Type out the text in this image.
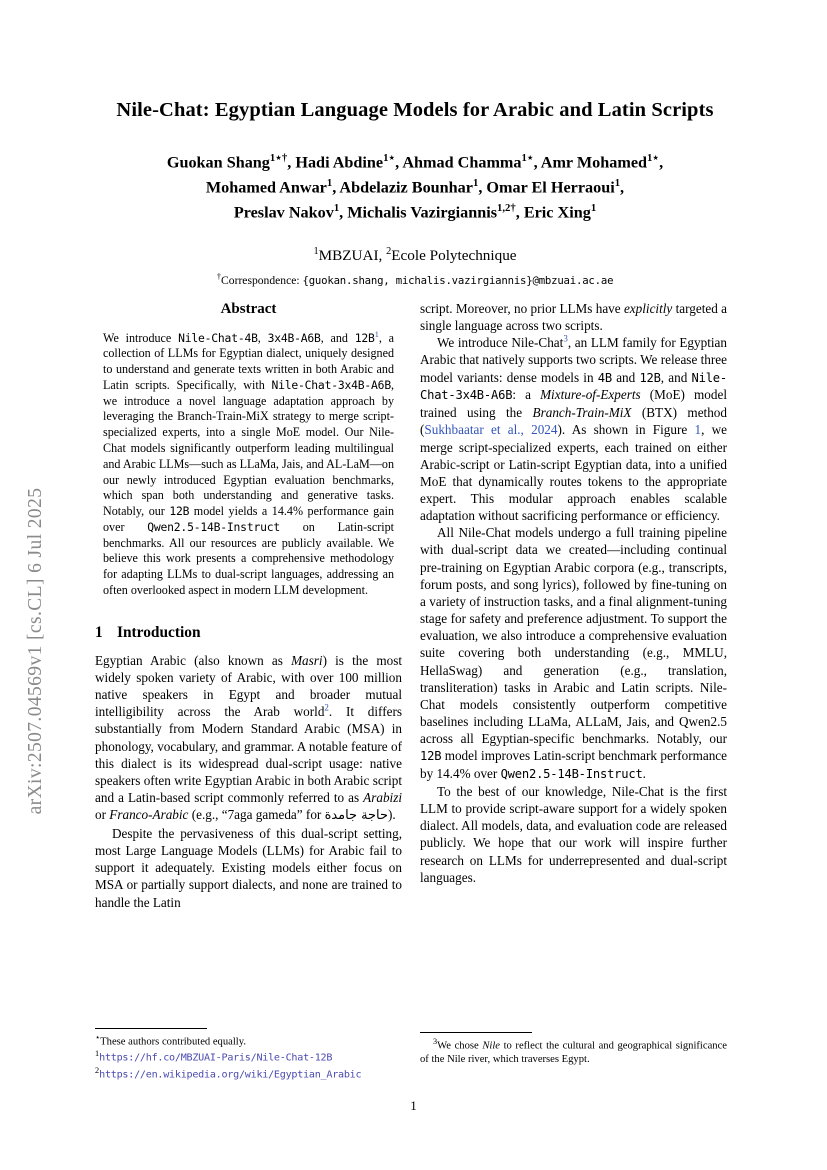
arXiv:2507.04569v1 [cs.CL] 6 Jul 2025
Nile-Chat: Egyptian Language Models for Arabic and Latin Scripts
Guokan Shang$^{1⋆\dagger}$, Hadi Abdine$^{1⋆}$, Ahmad Chamma$^{1⋆}$, Amr Mohamed$^{1⋆}$,
Mohamed Anwar$^1$, Abdelaziz Bounhar$^1$, Omar El Herraoui$^1$,
Preslav Nakov$^1$, Michalis Vazirgiannis$^{1,2\dagger}$, Eric Xing$^1$
$^1$MBZUAI, $^2$Ecole Polytechnique
†Correspondence: {guokan.shang, michalis.vazirgiannis}@mbzuai.ac.ae
Abstract
We introduce Nile-Chat-4B, 3x4B-A6B, and 12B$^1$, a collection of LLMs for Egyptian dialect, uniquely designed to understand and generate texts written in both Arabic and Latin scripts. Specifically, with Nile-Chat-3x4B-A6B, we introduce a novel language adaptation approach by leveraging the Branch-Train-MiX strategy to merge script-specialized experts, into a single MoE model. Our Nile-Chat models significantly outperform leading multilingual and Arabic LLMs—such as LLaMa, Jais, and AL-LaM—on our newly introduced Egyptian evaluation benchmarks, which span both understanding and generative tasks. Notably, our 12B model yields a 14.4% performance gain over Qwen2.5-14B-Instruct on Latin-script benchmarks. All our resources are publicly available. We believe this work presents a comprehensive methodology for adapting LLMs to dual-script languages, addressing an often overlooked aspect in modern LLM development.
1 Introduction

Egyptian Arabic (also known as Masri) is the most widely spoken variety of Arabic, with over 100 million native speakers in Egypt and broader mutual intelligibility across the Arab world$^2$. It differs substantially from Modern Standard Arabic (MSA) in phonology, vocabulary, and grammar. A notable feature of this dialect is its widespread dual-script usage: native speakers often write Egyptian Arabic in both Arabic script and a Latin-based script commonly referred to as Arabizi or Franco-Arabic (e.g., “7aga gameda” for حاجة جامدة).

Despite the pervasiveness of this dual-script setting, most Large Language Models (LLMs) for Arabic fail to support it adequately. Existing models either focus on MSA or partially support dialects, and none are trained to handle the Latin

script. Moreover, no prior LLMs have explicitly targeted a single language across two scripts.

We introduce Nile-Chat$^3$, an LLM family for Egyptian Arabic that natively supports two scripts. We release three model variants: dense models in 4B and 12B, and Nile-Chat-3x4B-A6B: a Mixture-of-Experts (MoE) model trained using the Branch-Train-MiX (BTX) method (Sukhbaatar et al., 2024). As shown in Figure 1, we merge script-specialized experts, each trained on either Arabic-script or Latin-script Egyptian data, into a unified MoE that dynamically routes tokens to the appropriate expert. This modular approach enables scalable adaptation without sacrificing performance or efficiency.

All Nile-Chat models undergo a full training pipeline with dual-script data we created—including continual pre-training on Egyptian Arabic corpora (e.g., transcripts, forum posts, and song lyrics), followed by fine-tuning on a variety of instruction tasks, and a final alignment-tuning stage for safety and preference adjustment. To support the evaluation, we also introduce a comprehensive evaluation suite covering both understanding (e.g., MMLU, HellaSwag) and generation (e.g., translation, transliteration) tasks in Arabic and Latin scripts. Nile-Chat models consistently outperform competitive baselines including LLaMa, ALLaM, Jais, and Qwen2.5 across all Egyptian-specific benchmarks. Notably, our 12B model improves Latin-script benchmark performance by 14.4% over Qwen2.5-14B-Instruct.

To the best of our knowledge, Nile-Chat is the first LLM to provide script-aware support for a widely spoken dialect. All models, data, and evaluation code are released publicly. We hope that our work will inspire further research on LLMs for underrepresented and dual-script languages.

⋆These authors contributed equally.

$^1$https://hf.co/MBZUAI-Paris/Nile-Chat-12B

$^2$https://en.wikipedia.org/wiki/Egyptian_Arabic

$^3$We chose Nile to reflect the cultural and geographical significance of the Nile river, which traverses Egypt.

1
